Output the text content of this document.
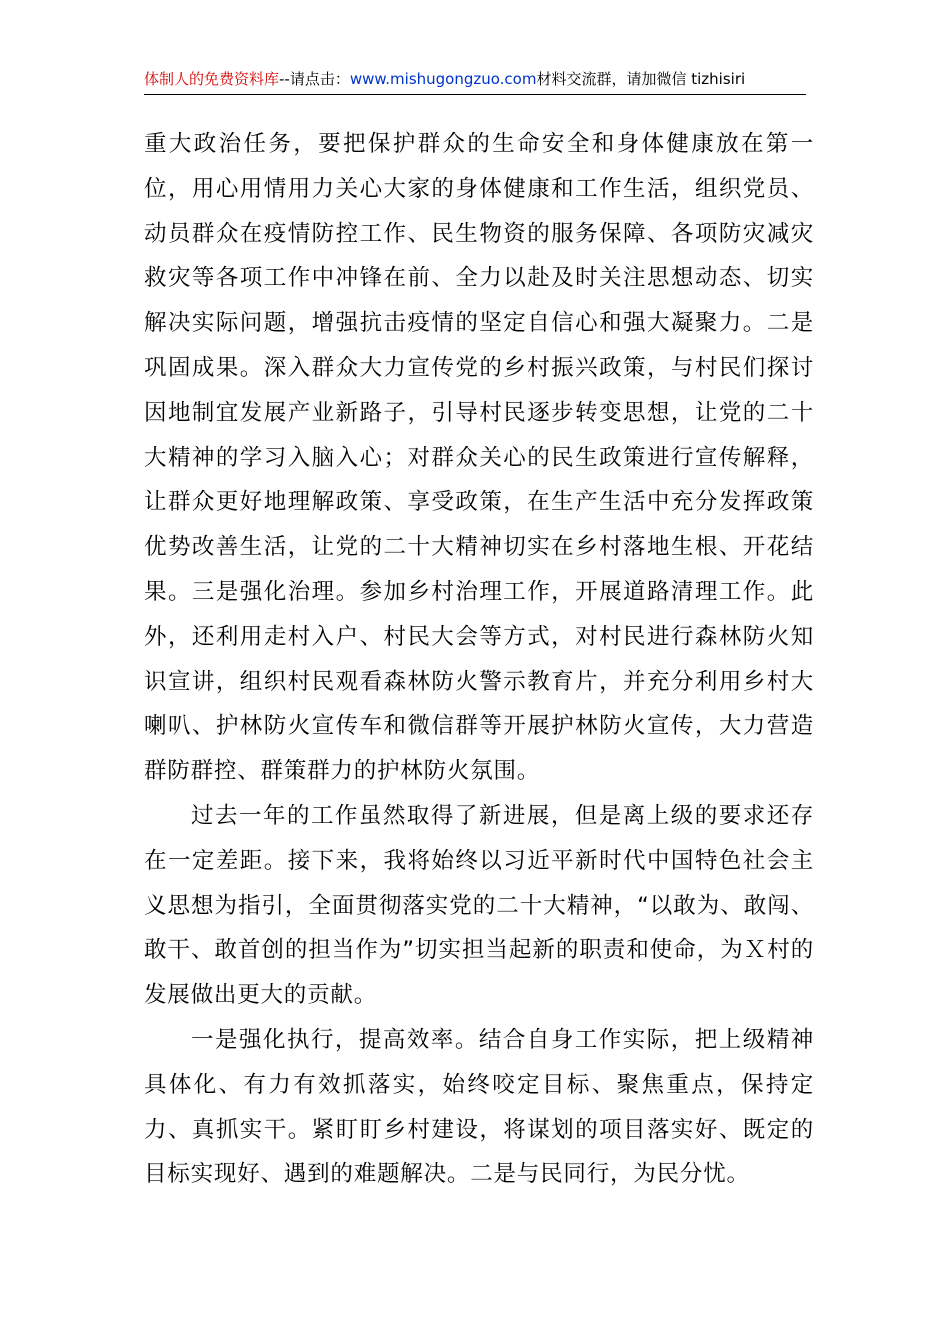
体制人的免费资料库--请点击：www.mishugongzuo.com材料交流群，请加微信 tizhisiri

重大政治任务，要把保护群众的生命安全和身体健康放在第一位，用心用情用力关心大家的身体健康和工作生活，组织党员、动员群众在疫情防控工作、民生物资的服务保障、各项防灾减灾救灾等各项工作中冲锋在前、全力以赴及时关注思想动态、切实解决实际问题，增强抗击疫情的坚定自信心和强大凝聚力。二是巩固成果。深入群众大力宣传党的乡村振兴政策，与村民们探讨因地制宜发展产业新路子，引导村民逐步转变思想，让党的二十大精神的学习入脑入心；对群众关心的民生政策进行宣传解释，让群众更好地理解政策、享受政策，在生产生活中充分发挥政策优势改善生活，让党的二十大精神切实在乡村落地生根、开花结果。三是强化治理。参加乡村治理工作，开展道路清理工作。此外，还利用走村入户、村民大会等方式，对村民进行森林防火知识宣讲，组织村民观看森林防火警示教育片，并充分利用乡村大喇叭、护林防火宣传车和微信群等开展护林防火宣传，大力营造群防群控、群策群力的护林防火氛围。

过去一年的工作虽然取得了新进展，但是离上级的要求还存在一定差距。接下来，我将始终以习近平新时代中国特色社会主义思想为指引，全面贯彻落实党的二十大精神，“以敢为、敢闯、敢干、敢首创的担当作为”切实担当起新的职责和使命，为Ｘ村的发展做出更大的贡献。

一是强化执行，提高效率。结合自身工作实际，把上级精神具体化、有力有效抓落实，始终咬定目标、聚焦重点，保持定力、真抓实干。紧盯盯乡村建设，将谋划的项目落实好、既定的目标实现好、遇到的难题解决。二是与民同行，为民分忧。
